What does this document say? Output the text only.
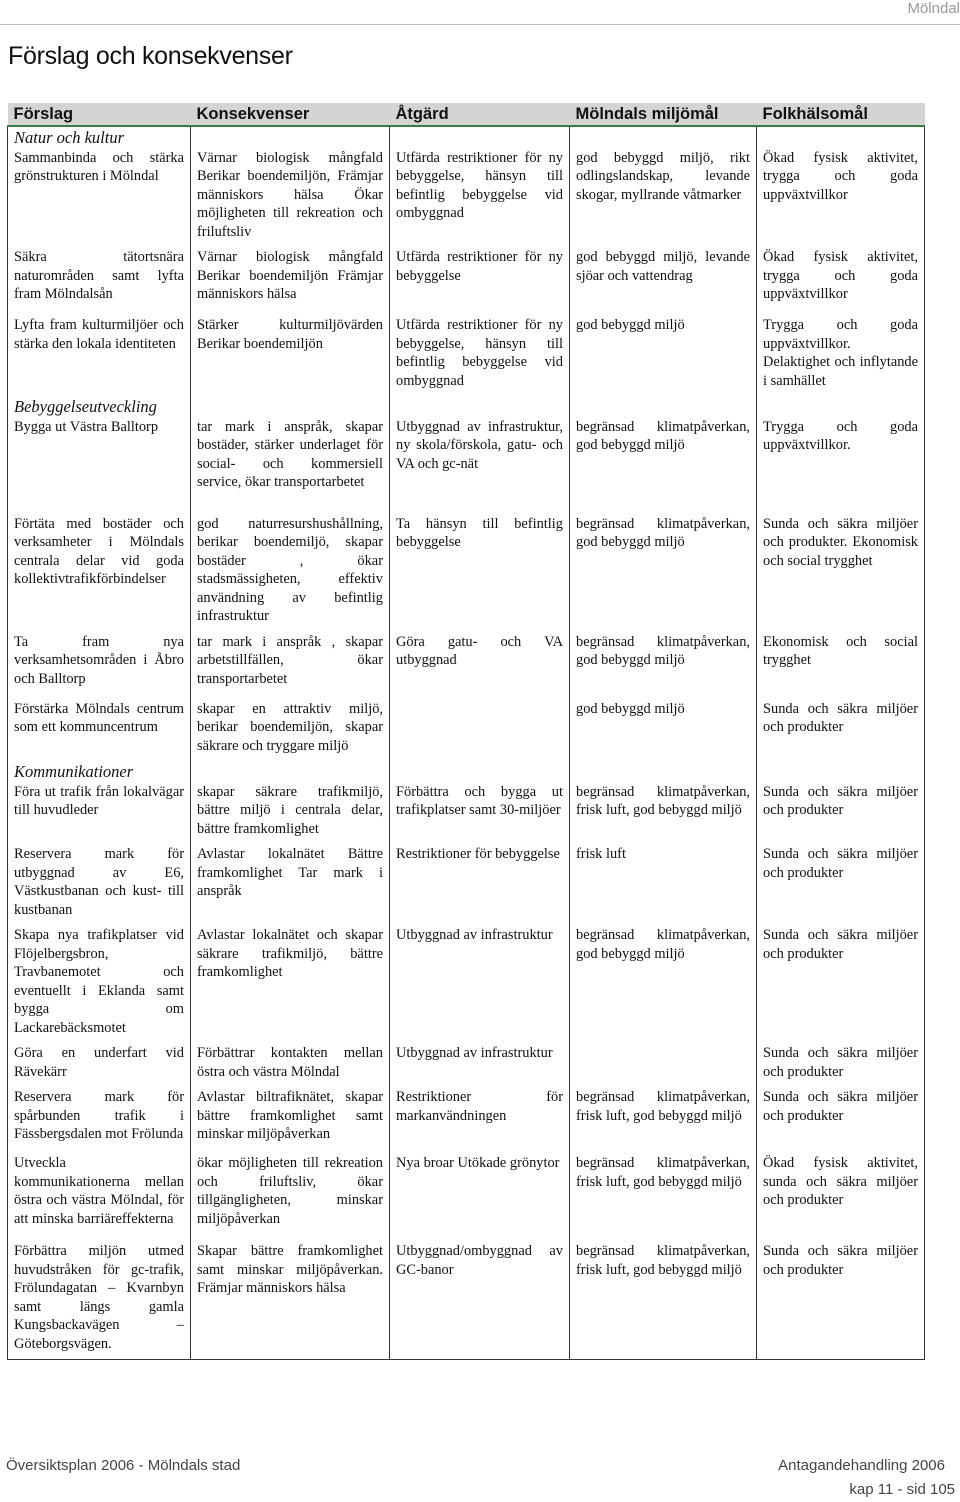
Mölndal
Förslag och konsekvenser
Förslag	Konsekvenser	Åtgärd	Mölndals miljömål	Folkhälsomål
Natur och kultur				
Sammanbinda och stärka grönstrukturen i Mölndal	Värnar biologisk mångfald Berikar boendemiljön, Främjar människors hälsa Ökar möjligheten till rekreation och friluftsliv	Utfärda restriktioner för ny bebyggelse, hänsyn till befintlig bebyggelse vid ombyggnad	god bebyggd miljö, rikt odlingslandskap, levande skogar, myllrande våtmarker	Ökad fysisk aktivitet, trygga och goda uppväxtvillkor
Säkra tätortsnära naturområden samt lyfta fram Mölndalsån	Värnar biologisk mångfald Berikar boendemiljön Främjar människors hälsa	Utfärda restriktioner för ny bebyggelse	god bebyggd miljö, levande sjöar och vattendrag	Ökad fysisk aktivitet, trygga och goda uppväxtvillkor
Lyfta fram kulturmiljöer och stärka den lokala identiteten	Stärker kulturmiljövärden Berikar boendemiljön	Utfärda restriktioner för ny bebyggelse, hänsyn till befintlig bebyggelse vid ombyggnad	god bebyggd miljö	Trygga och goda uppväxtvillkor. Delaktighet och inflytande i samhället
Bebyggelseutveckling				
Bygga ut Västra Balltorp	tar mark i anspråk, skapar bostäder, stärker underlaget för social- och kommersiell service, ökar transportarbetet	Utbyggnad av infrastruktur, ny skola/förskola, gatu- och VA och gc-nät	begränsad klimatpåverkan, god bebyggd miljö	Trygga och goda uppväxtvillkor.
Förtäta med bostäder och verksamheter i Mölndals centrala delar vid goda kollektivtrafikförbindelser	god naturresurshushållning, berikar boendemiljö, skapar bostäder , ökar stadsmässigheten, effektiv användning av befintlig infrastruktur	Ta hänsyn till befintlig bebyggelse	begränsad klimatpåverkan, god bebyggd miljö	Sunda och säkra miljöer och produkter. Ekonomisk och social trygghet
Ta fram nya verksamhetsområden i Åbro och Balltorp	tar mark i anspråk , skapar arbetstillfällen, ökar transportarbetet	Göra gatu- och VA utbyggnad	begränsad klimatpåverkan, god bebyggd miljö	Ekonomisk och social trygghet
Förstärka Mölndals centrum som ett kommuncentrum	skapar en attraktiv miljö, berikar boendemiljön, skapar säkrare och tryggare miljö		god bebyggd miljö	Sunda och säkra miljöer och produkter
Kommunikationer				
Föra ut trafik från lokalvägar till huvudleder	skapar säkrare trafikmiljö, bättre miljö i centrala delar, bättre framkomlighet	Förbättra och bygga ut trafikplatser samt 30-miljöer	begränsad klimatpåverkan, frisk luft, god bebyggd miljö	Sunda och säkra miljöer och produkter
Reservera mark för utbyggnad av E6, Västkustbanan och kust- till kustbanan	Avlastar lokalnätet Bättre framkomlighet Tar mark i anspråk	Restriktioner för bebyggelse	frisk luft	Sunda och säkra miljöer och produkter
Skapa nya trafikplatser vid Flöjelbergsbron, Travbanemotet och eventuellt i Eklanda samt bygga om Lackarebäcksmotet	Avlastar lokalnätet och skapar säkrare trafikmiljö, bättre framkomlighet	Utbyggnad av infrastruktur	begränsad klimatpåverkan, god bebyggd miljö	Sunda och säkra miljöer och produkter
Göra en underfart vid Rävekärr	Förbättrar kontakten mellan östra och västra Mölndal	Utbyggnad av infrastruktur		Sunda och säkra miljöer och produkter
Reservera mark för spårbunden trafik i Fässbergsdalen mot Frölunda	Avlastar biltrafiknätet, skapar bättre framkomlighet samt minskar miljöpåverkan	Restriktioner för markanvändningen	begränsad klimatpåverkan, frisk luft, god bebyggd miljö	Sunda och säkra miljöer och produkter
Utveckla kommunikationerna mellan östra och västra Mölndal, för att minska barriäreffekterna	ökar möjligheten till rekreation och friluftsliv, ökar tillgängligheten, minskar miljöpåverkan	Nya broar Utökade grönytor	begränsad klimatpåverkan, frisk luft, god bebyggd miljö	Ökad fysisk aktivitet, sunda och säkra miljöer och produkter
Förbättra miljön utmed huvudstråken för gc-trafik, Frölundagatan – Kvarnbyn samt längs gamla Kungsbackavägen – Göteborgsvägen.	Skapar bättre framkomlighet samt minskar miljöpåverkan. Främjar människors hälsa	Utbyggnad/ombyggnad av GC-banor	begränsad klimatpåverkan, frisk luft, god bebyggd miljö	Sunda och säkra miljöer och produkter
Översiktsplan 2006 - Mölndals stad	Antagandehandling 2006
kap 11 - sid 105
